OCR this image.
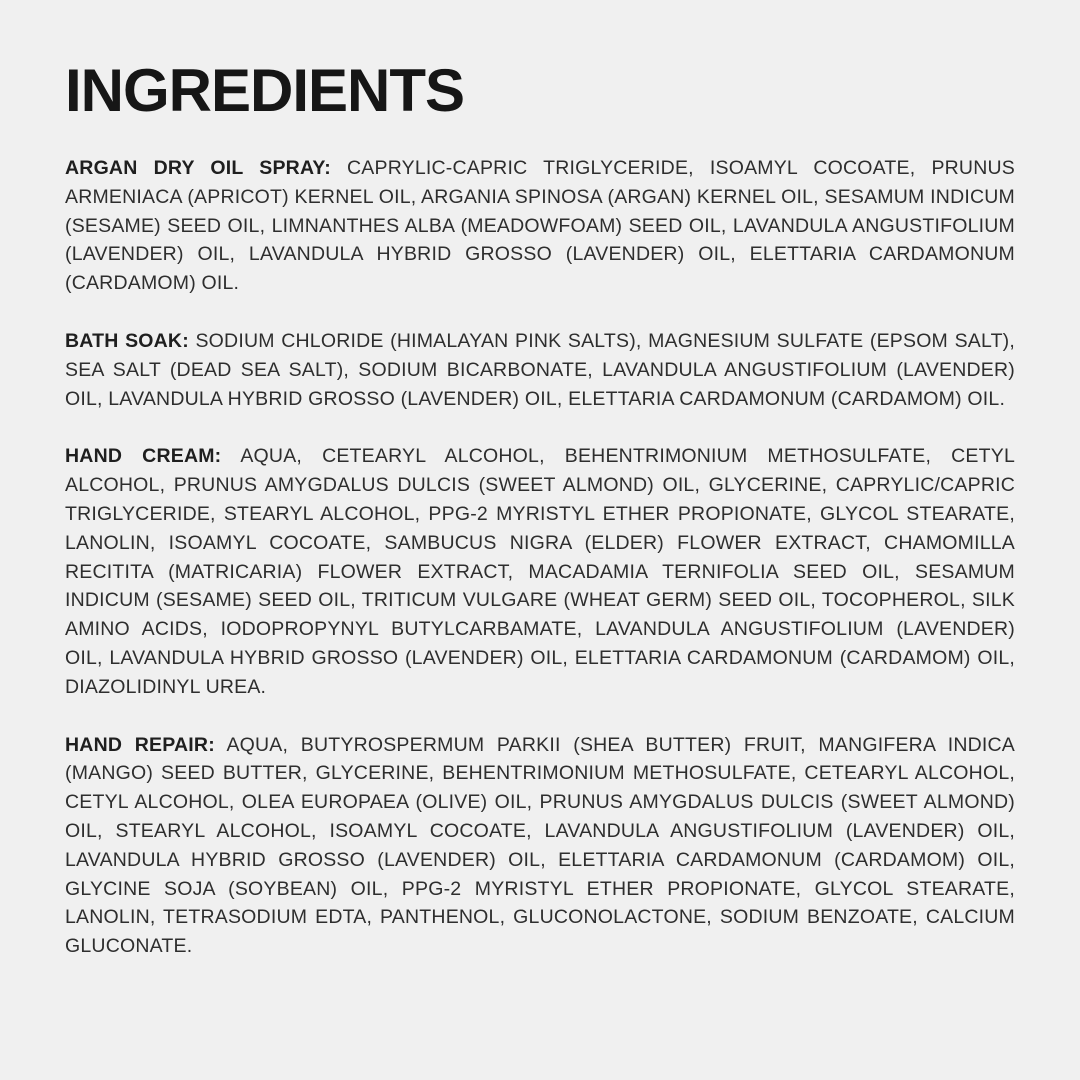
INGREDIENTS

ARGAN DRY OIL SPRAY: CAPRYLIC-CAPRIC TRIGLYCERIDE, ISOAMYL COCOATE, PRUNUS ARMENIACA (APRICOT) KERNEL OIL, ARGANIA SPINOSA (ARGAN) KERNEL OIL, SESAMUM INDICUM (SESAME) SEED OIL, LIMNANTHES ALBA (MEADOWFOAM) SEED OIL, LAVANDULA ANGUSTIFOLIUM (LAVENDER) OIL, LAVANDULA HYBRID GROSSO (LAVENDER) OIL, ELETTARIA CARDAMONUM (CARDAMOM) OIL.

BATH SOAK: SODIUM CHLORIDE (HIMALAYAN PINK SALTS), MAGNESIUM SULFATE (EPSOM SALT), SEA SALT (DEAD SEA SALT), SODIUM BICARBONATE, LAVANDULA ANGUSTIFOLIUM (LAVENDER) OIL, LAVANDULA HYBRID GROSSO (LAVENDER) OIL, ELETTARIA CARDAMONUM (CARDAMOM) OIL.

HAND CREAM: AQUA, CETEARYL ALCOHOL, BEHENTRIMONIUM METHOSULFATE, CETYL ALCOHOL, PRUNUS AMYGDALUS DULCIS (SWEET ALMOND) OIL, GLYCERINE, CAPRYLIC/CAPRIC TRIGLYCERIDE, STEARYL ALCOHOL, PPG-2 MYRISTYL ETHER PROPIONATE, GLYCOL STEARATE, LANOLIN, ISOAMYL COCOATE, SAMBUCUS NIGRA (ELDER) FLOWER EXTRACT, CHAMOMILLA RECITITA (MATRICARIA) FLOWER EXTRACT, MACADAMIA TERNIFOLIA SEED OIL, SESAMUM INDICUM (SESAME) SEED OIL, TRITICUM VULGARE (WHEAT GERM) SEED OIL, TOCOPHEROL, SILK AMINO ACIDS, IODOPROPYNYL BUTYLCARBAMATE, LAVANDULA ANGUSTIFOLIUM (LAVENDER) OIL, LAVANDULA HYBRID GROSSO (LAVENDER) OIL, ELETTARIA CARDAMONUM (CARDAMOM) OIL, DIAZOLIDINYL UREA.

HAND REPAIR: AQUA, BUTYROSPERMUM PARKII (SHEA BUTTER) FRUIT, MANGIFERA INDICA (MANGO) SEED BUTTER, GLYCERINE, BEHENTRIMONIUM METHOSULFATE, CETEARYL ALCOHOL, CETYL ALCOHOL, OLEA EUROPAEA (OLIVE) OIL, PRUNUS AMYGDALUS DULCIS (SWEET ALMOND) OIL, STEARYL ALCOHOL, ISOAMYL COCOATE, LAVANDULA ANGUSTIFOLIUM (LAVENDER) OIL, LAVANDULA HYBRID GROSSO (LAVENDER) OIL, ELETTARIA CARDAMONUM (CARDAMOM) OIL, GLYCINE SOJA (SOYBEAN) OIL, PPG-2 MYRISTYL ETHER PROPIONATE, GLYCOL STEARATE, LANOLIN, TETRASODIUM EDTA, PANTHENOL, GLUCONOLACTONE, SODIUM BENZOATE, CALCIUM GLUCONATE.
